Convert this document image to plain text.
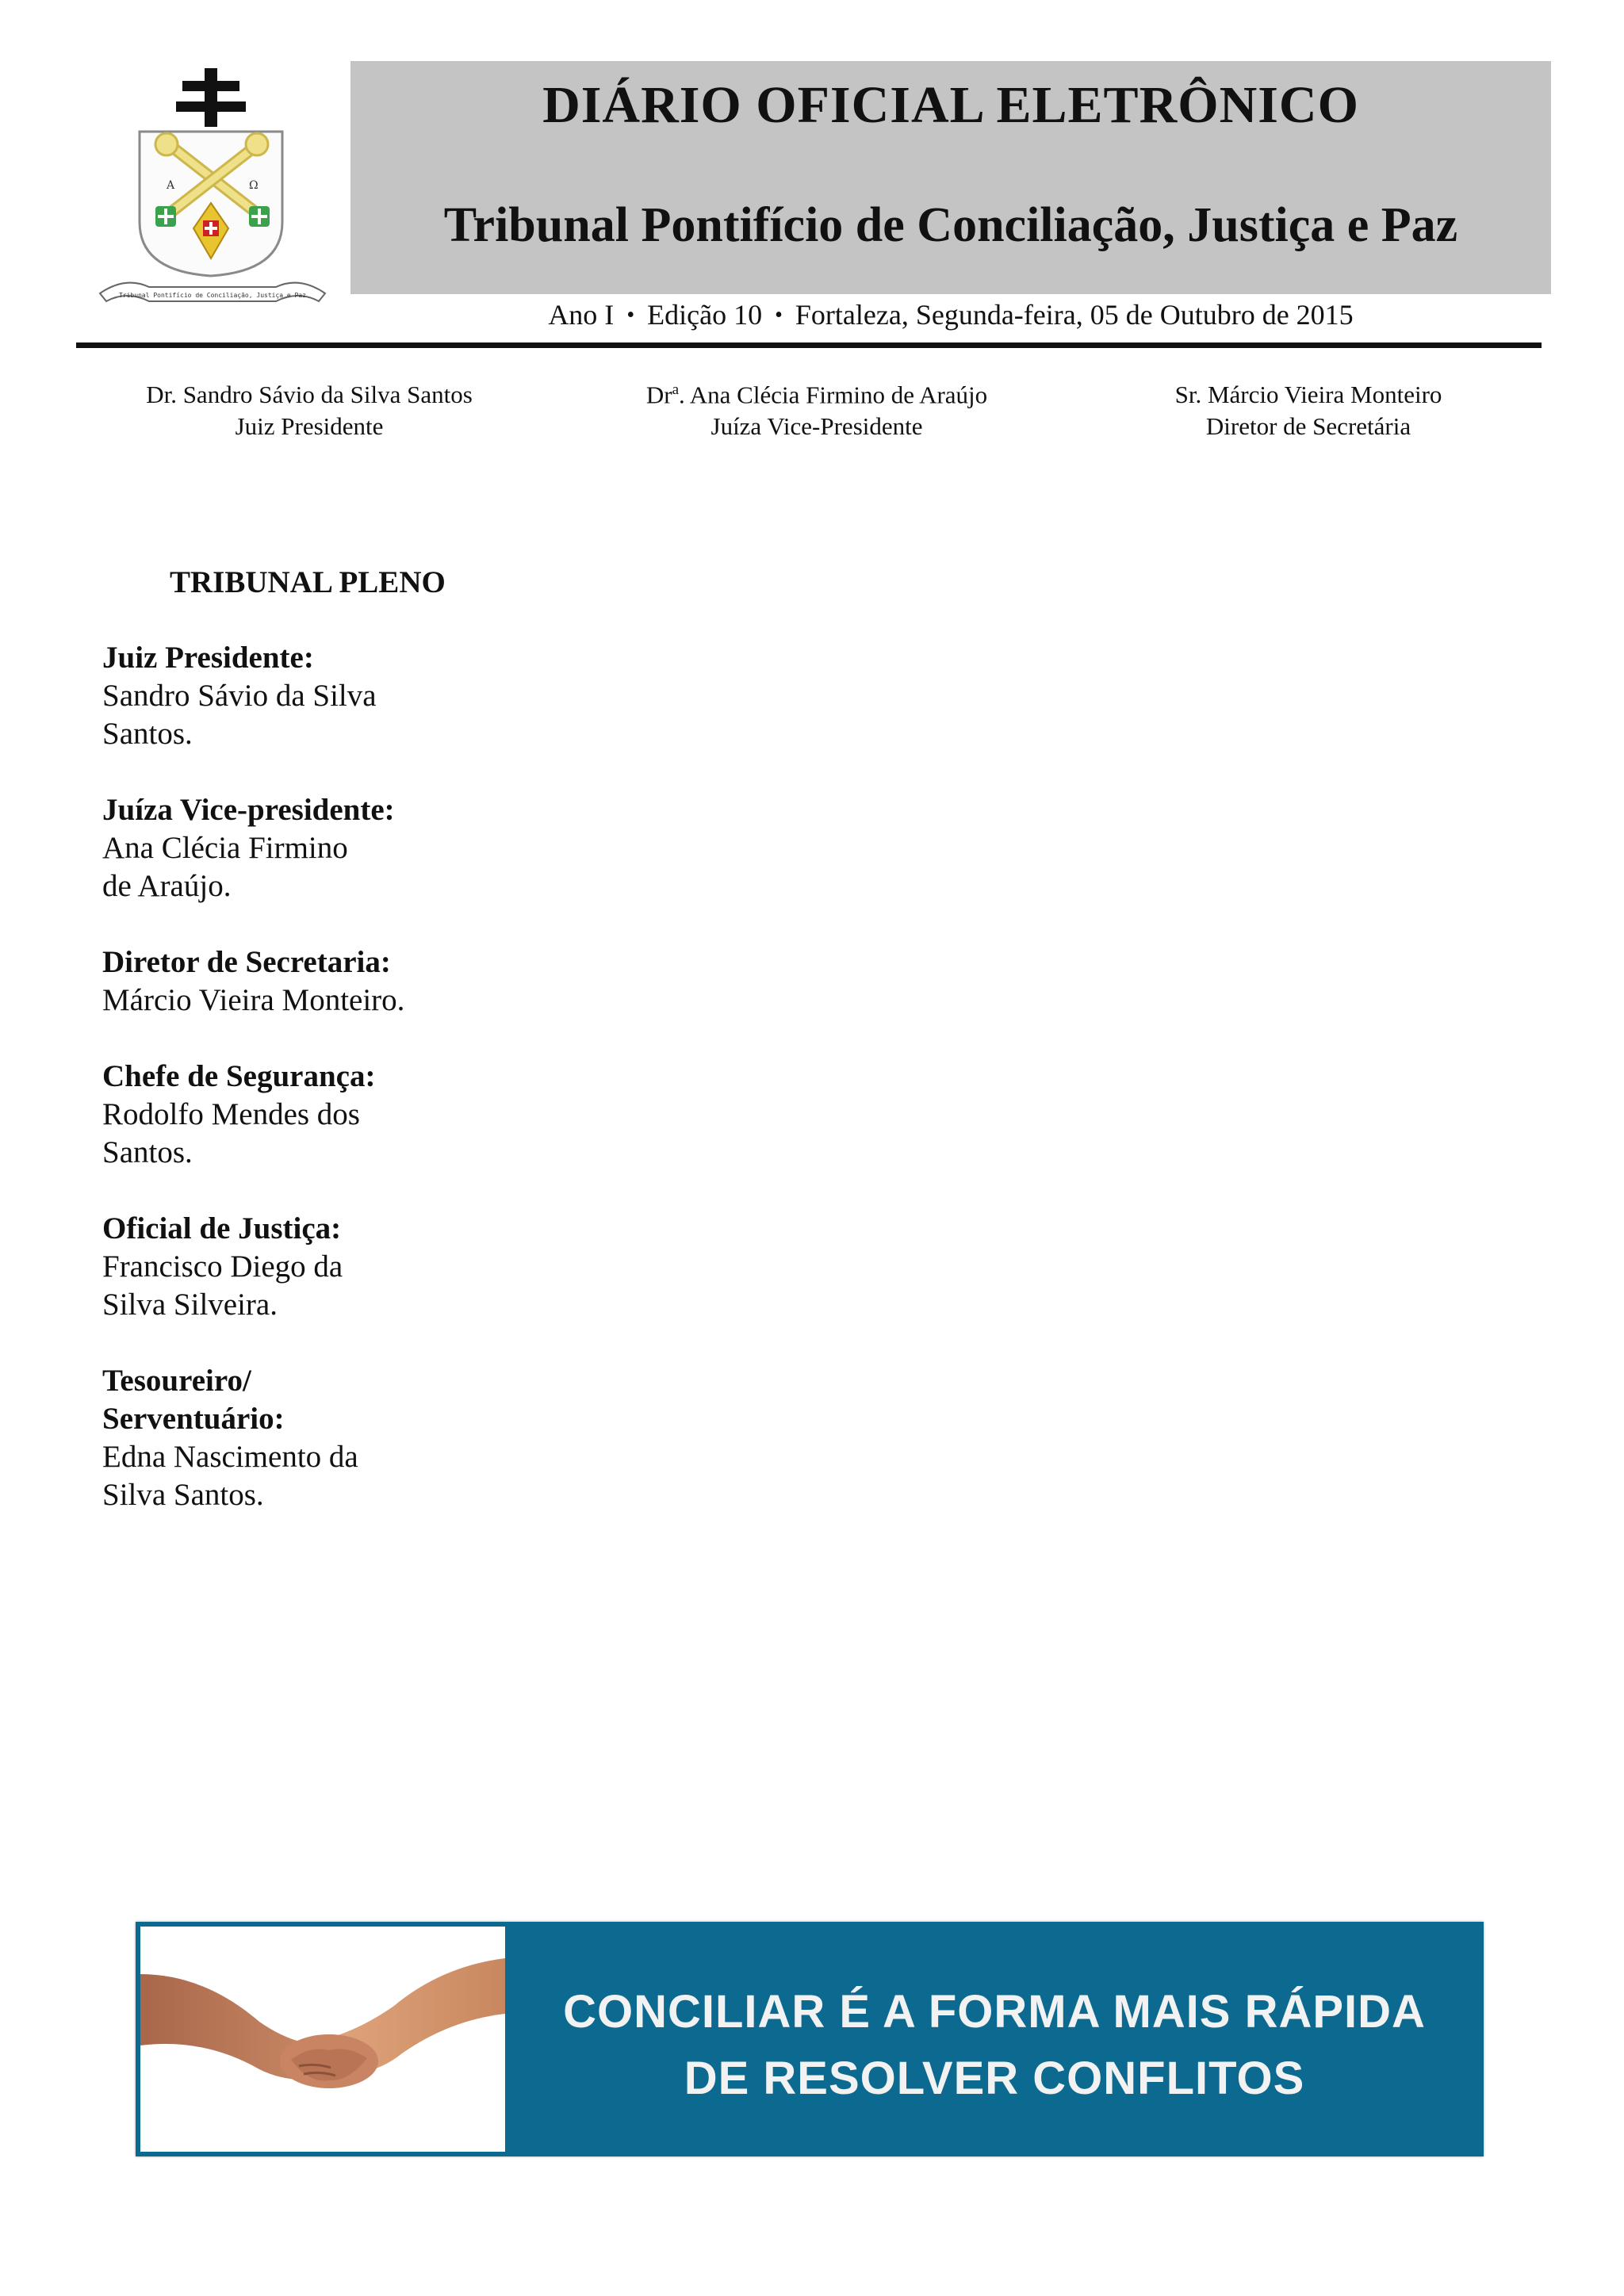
A	Ω
Tribunal Pontifício de Conciliação, Justiça e Paz
DIÁRIO OFICIAL ELETRÔNICO
Tribunal Pontifício de Conciliação, Justiça e Paz
Ano I • Edição 10 • Fortaleza, Segunda-feira, 05 de Outubro de 2015
Dr. Sandro Sávio da Silva Santos
Juiz Presidente
Dr$^a$. Ana Clécia Firmino de Araújo
Juíza Vice-Presidente
Sr. Márcio Vieira Monteiro
Diretor de Secretária
TRIBUNAL PLENO
Juiz Presidente:
Sandro Sávio da Silva
Santos.
Juíza Vice-presidente:
Ana Clécia Firmino
de Araújo.
Diretor de Secretaria:
Márcio Vieira Monteiro.
Chefe de Segurança:
Rodolfo Mendes dos
Santos.
Oficial de Justiça:
Francisco Diego da
Silva Silveira.
Tesoureiro/
Serventuário:
Edna Nascimento da
Silva Santos.
CONCILIAR É A FORMA MAIS RÁPIDA
DE RESOLVER CONFLITOS
